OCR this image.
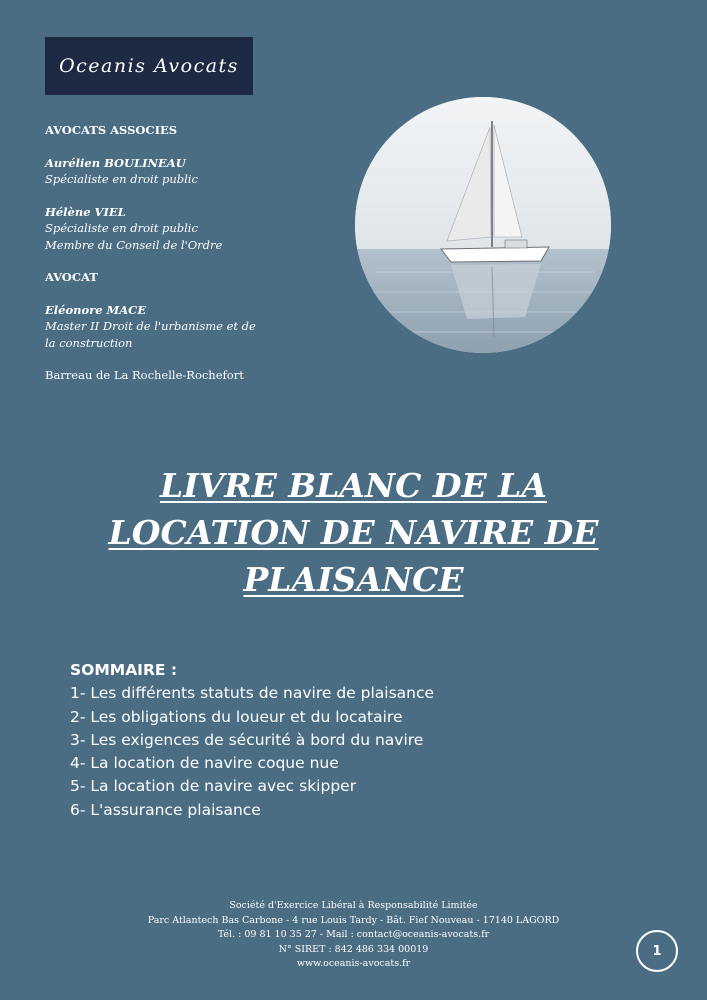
Oceanis Avocats

AVOCATS ASSOCIES

Aurélien BOULINEAU
Spécialiste en droit public
Hélène VIEL
Spécialiste en droit public
Membre du Conseil de l'Ordre

AVOCAT

Eléonore MACE
Master II Droit de l'urbanisme et de
la construction
Barreau de La Rochelle-Rochefort
LIVRE BLANC DE LA
LOCATION DE NAVIRE DE
PLAISANCE

SOMMAIRE :

1- Les différents statuts de navire de plaisance
2- Les obligations du loueur et du locataire
3- Les exigences de sécurité à bord du navire
4- La location de navire coque nue
5- La location de navire avec skipper
6- L'assurance plaisance
Société d'Exercice Libéral à Responsabilité Limitée
Parc Atlantech Bas Carbone - 4 rue Louis Tardy - Bât. Fief Nouveau - 17140 LAGORD
Tél. : 09 81 10 35 27 - Mail : contact@oceanis-avocats.fr
N° SIRET : 842 486 334 00019
www.oceanis-avocats.fr
1
